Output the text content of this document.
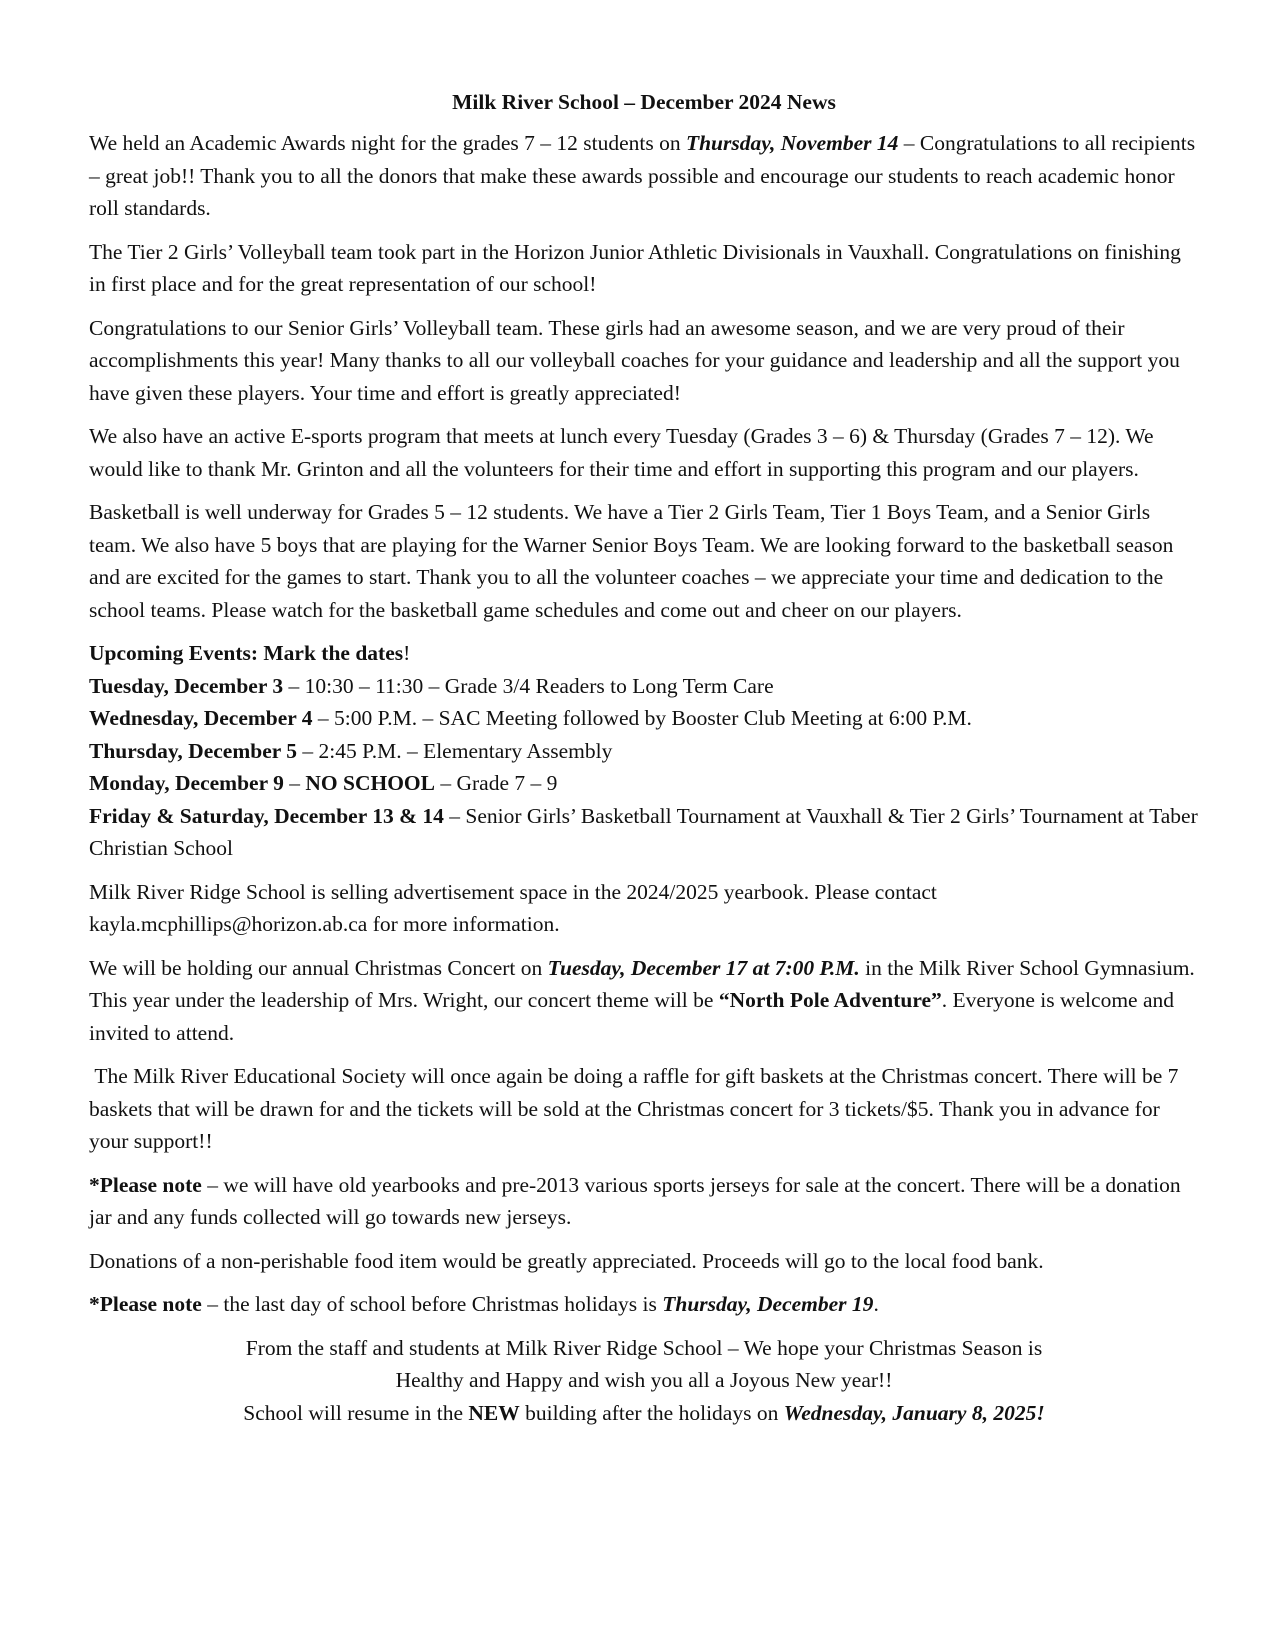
Milk River School – December 2024 News

We held an Academic Awards night for the grades 7 – 12 students on Thursday, November 14 – Congratulations to all recipients – great job!! Thank you to all the donors that make these awards possible and encourage our students to reach academic honor roll standards.

The Tier 2 Girls’ Volleyball team took part in the Horizon Junior Athletic Divisionals in Vauxhall. Congratulations on finishing in first place and for the great representation of our school!

Congratulations to our Senior Girls’ Volleyball team. These girls had an awesome season, and we are very proud of their accomplishments this year! Many thanks to all our volleyball coaches for your guidance and leadership and all the support you have given these players. Your time and effort is greatly appreciated!

We also have an active E-sports program that meets at lunch every Tuesday (Grades 3 – 6) & Thursday (Grades 7 – 12). We would like to thank Mr. Grinton and all the volunteers for their time and effort in supporting this program and our players.

Basketball is well underway for Grades 5 – 12 students. We have a Tier 2 Girls Team, Tier 1 Boys Team, and a Senior Girls team. We also have 5 boys that are playing for the Warner Senior Boys Team. We are looking forward to the basketball season and are excited for the games to start. Thank you to all the volunteer coaches – we appreciate your time and dedication to the school teams. Please watch for the basketball game schedules and come out and cheer on our players.

Upcoming Events: Mark the dates!
Tuesday, December 3 – 10:30 – 11:30 – Grade 3/4 Readers to Long Term Care
Wednesday, December 4 – 5:00 P.M. – SAC Meeting followed by Booster Club Meeting at 6:00 P.M.
Thursday, December 5 – 2:45 P.M. – Elementary Assembly
Monday, December 9 – NO SCHOOL – Grade 7 – 9
Friday & Saturday, December 13 & 14 – Senior Girls’ Basketball Tournament at Vauxhall & Tier 2 Girls’ Tournament at Taber Christian School

Milk River Ridge School is selling advertisement space in the 2024/2025 yearbook. Please contact kayla.mcphillips@horizon.ab.ca for more information.

We will be holding our annual Christmas Concert on Tuesday, December 17 at 7:00 P.M. in the Milk River School Gymnasium. This year under the leadership of Mrs. Wright, our concert theme will be “North Pole Adventure”. Everyone is welcome and invited to attend.

The Milk River Educational Society will once again be doing a raffle for gift baskets at the Christmas concert. There will be 7 baskets that will be drawn for and the tickets will be sold at the Christmas concert for 3 tickets/$5. Thank you in advance for your support!!

*Please note – we will have old yearbooks and pre-2013 various sports jerseys for sale at the concert. There will be a donation jar and any funds collected will go towards new jerseys.

Donations of a non-perishable food item would be greatly appreciated. Proceeds will go to the local food bank.

*Please note – the last day of school before Christmas holidays is Thursday, December 19.

From the staff and students at Milk River Ridge School – We hope your Christmas Season is
Healthy and Happy and wish you all a Joyous New year!!
School will resume in the NEW building after the holidays on Wednesday, January 8, 2025!
